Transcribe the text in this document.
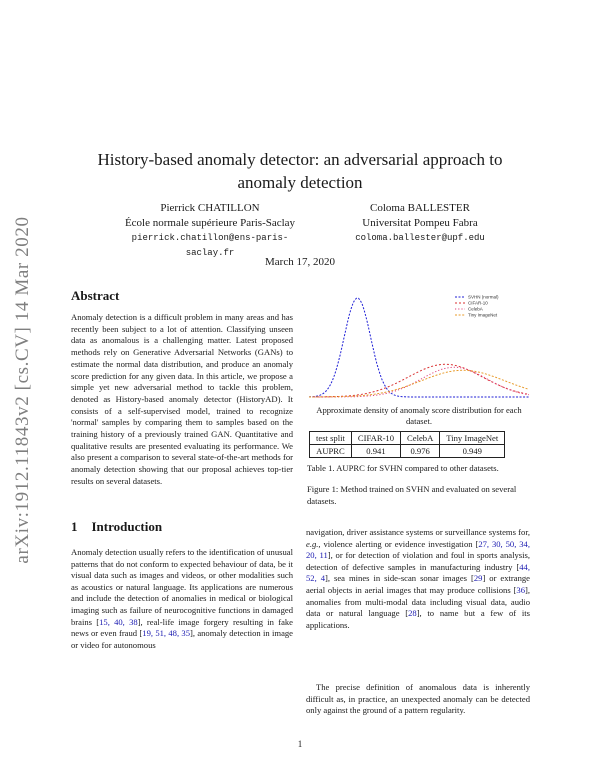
arXiv:1912.11843v2 [cs.CV] 14 Mar 2020
History-based anomaly detector: an adversarial approach to anomaly detection
Pierrick CHATILLON
École normale supérieure Paris-Saclay
pierrick.chatillon@ens-paris-saclay.fr
Coloma BALLESTER
Universitat Pompeu Fabra
coloma.ballester@upf.edu
March 17, 2020
Abstract

Anomaly detection is a difficult problem in many areas and has recently been subject to a lot of attention. Classifying unseen data as anomalous is a challenging matter. Latest proposed methods rely on Generative Adversarial Networks (GANs) to estimate the normal data distribution, and produce an anomaly score prediction for any given data. In this article, we propose a simple yet new adversarial method to tackle this problem, denoted as History-based anomaly detector (HistoryAD). It consists of a self-supervised model, trained to recognize 'normal' samples by comparing them to samples based on the training history of a previously trained GAN. Quantitative and qualitative results are presented evaluating its performance. We also present a comparison to several state-of-the-art methods for anomaly detection showing that our proposal achieves top-tier results on several datasets.

1 Introduction

Anomaly detection usually refers to the identification of unusual patterns that do not conform to expected behaviour of data, be it visual data such as images and videos, or other modalities such as acoustics or natural language. Its applications are numerous and include the detection of anomalies in medical or biological imaging such as failure of neurocognitive functions in damaged brains [15, 40, 38], real-life image forgery resulting in fake news or even fraud [19, 51, 48, 35], anomaly detection in image or video for autonomous

SVHN (normal)
CIFAR-10
CelebA
Tiny ImageNet

Approximate density of anomaly score distribution for each dataset.

test split	CIFAR-10	CelebA	Tiny ImageNet
AUPRC	0.941	0.976	0.949

Table 1. AUPRC for SVHN compared to other datasets.

Figure 1: Method trained on SVHN and evaluated on several datasets.

navigation, driver assistance systems or surveillance systems for, e.g., violence alerting or evidence investigation [27, 30, 50, 34, 20, 11], or for detection of violation and foul in sports analysis, detection of defective samples in manufacturing industry [44, 52, 4], sea mines in side-scan sonar images [29] or extrange aerial objects in aerial images that may produce collisions [36], anomalies from multi-modal data including visual data, audio data or natural language [28], to name but a few of its applications.

The precise definition of anomalous data is inherently difficult as, in practice, an unexpected anomaly can be detected only against the ground of a pattern regularity.

1
